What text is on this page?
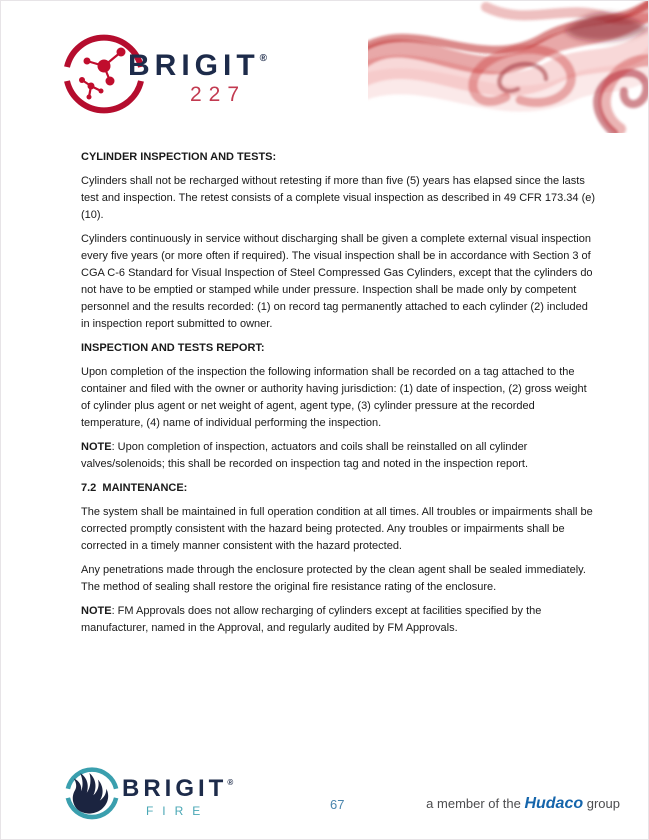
BRIGIT®
227

CYLINDER INSPECTION AND TESTS:

Cylinders shall not be recharged without retesting if more than five (5) years has elapsed since the lasts test and inspection. The retest consists of a complete visual inspection as described in 49 CFR 173.34 (e) (10).

Cylinders continuously in service without discharging shall be given a complete external visual inspection every five years (or more often if required). The visual inspection shall be in accordance with Section 3 of CGA C-6 Standard for Visual Inspection of Steel Compressed Gas Cylinders, except that the cylinders do not have to be emptied or stamped while under pressure. Inspection shall be made only by competent personnel and the results recorded: (1) on record tag permanently attached to each cylinder (2) included in inspection report submitted to owner.

INSPECTION AND TESTS REPORT:

Upon completion of the inspection the following information shall be recorded on a tag attached to the container and filed with the owner or authority having jurisdiction: (1) date of inspection, (2) gross weight of cylinder plus agent or net weight of agent, agent type, (3) cylinder pressure at the recorded temperature, (4) name of individual performing the inspection.

NOTE: Upon completion of inspection, actuators and coils shall be reinstalled on all cylinder valves/solenoids; this shall be recorded on inspection tag and noted in the inspection report.

7.2  MAINTENANCE:

The system shall be maintained in full operation condition at all times. All troubles or impairments shall be corrected promptly consistent with the hazard being protected. Any troubles or impairments shall be corrected in a timely manner consistent with the hazard protected.

Any penetrations made through the enclosure protected by the clean agent shall be sealed immediately. The method of sealing shall restore the original fire resistance rating of the enclosure.

NOTE: FM Approvals does not allow recharging of cylinders except at facilities specified by the manufacturer, named in the Approval, and regularly audited by FM Approvals.

BRIGIT®
FIRE	67	a member of the Hudaco group
